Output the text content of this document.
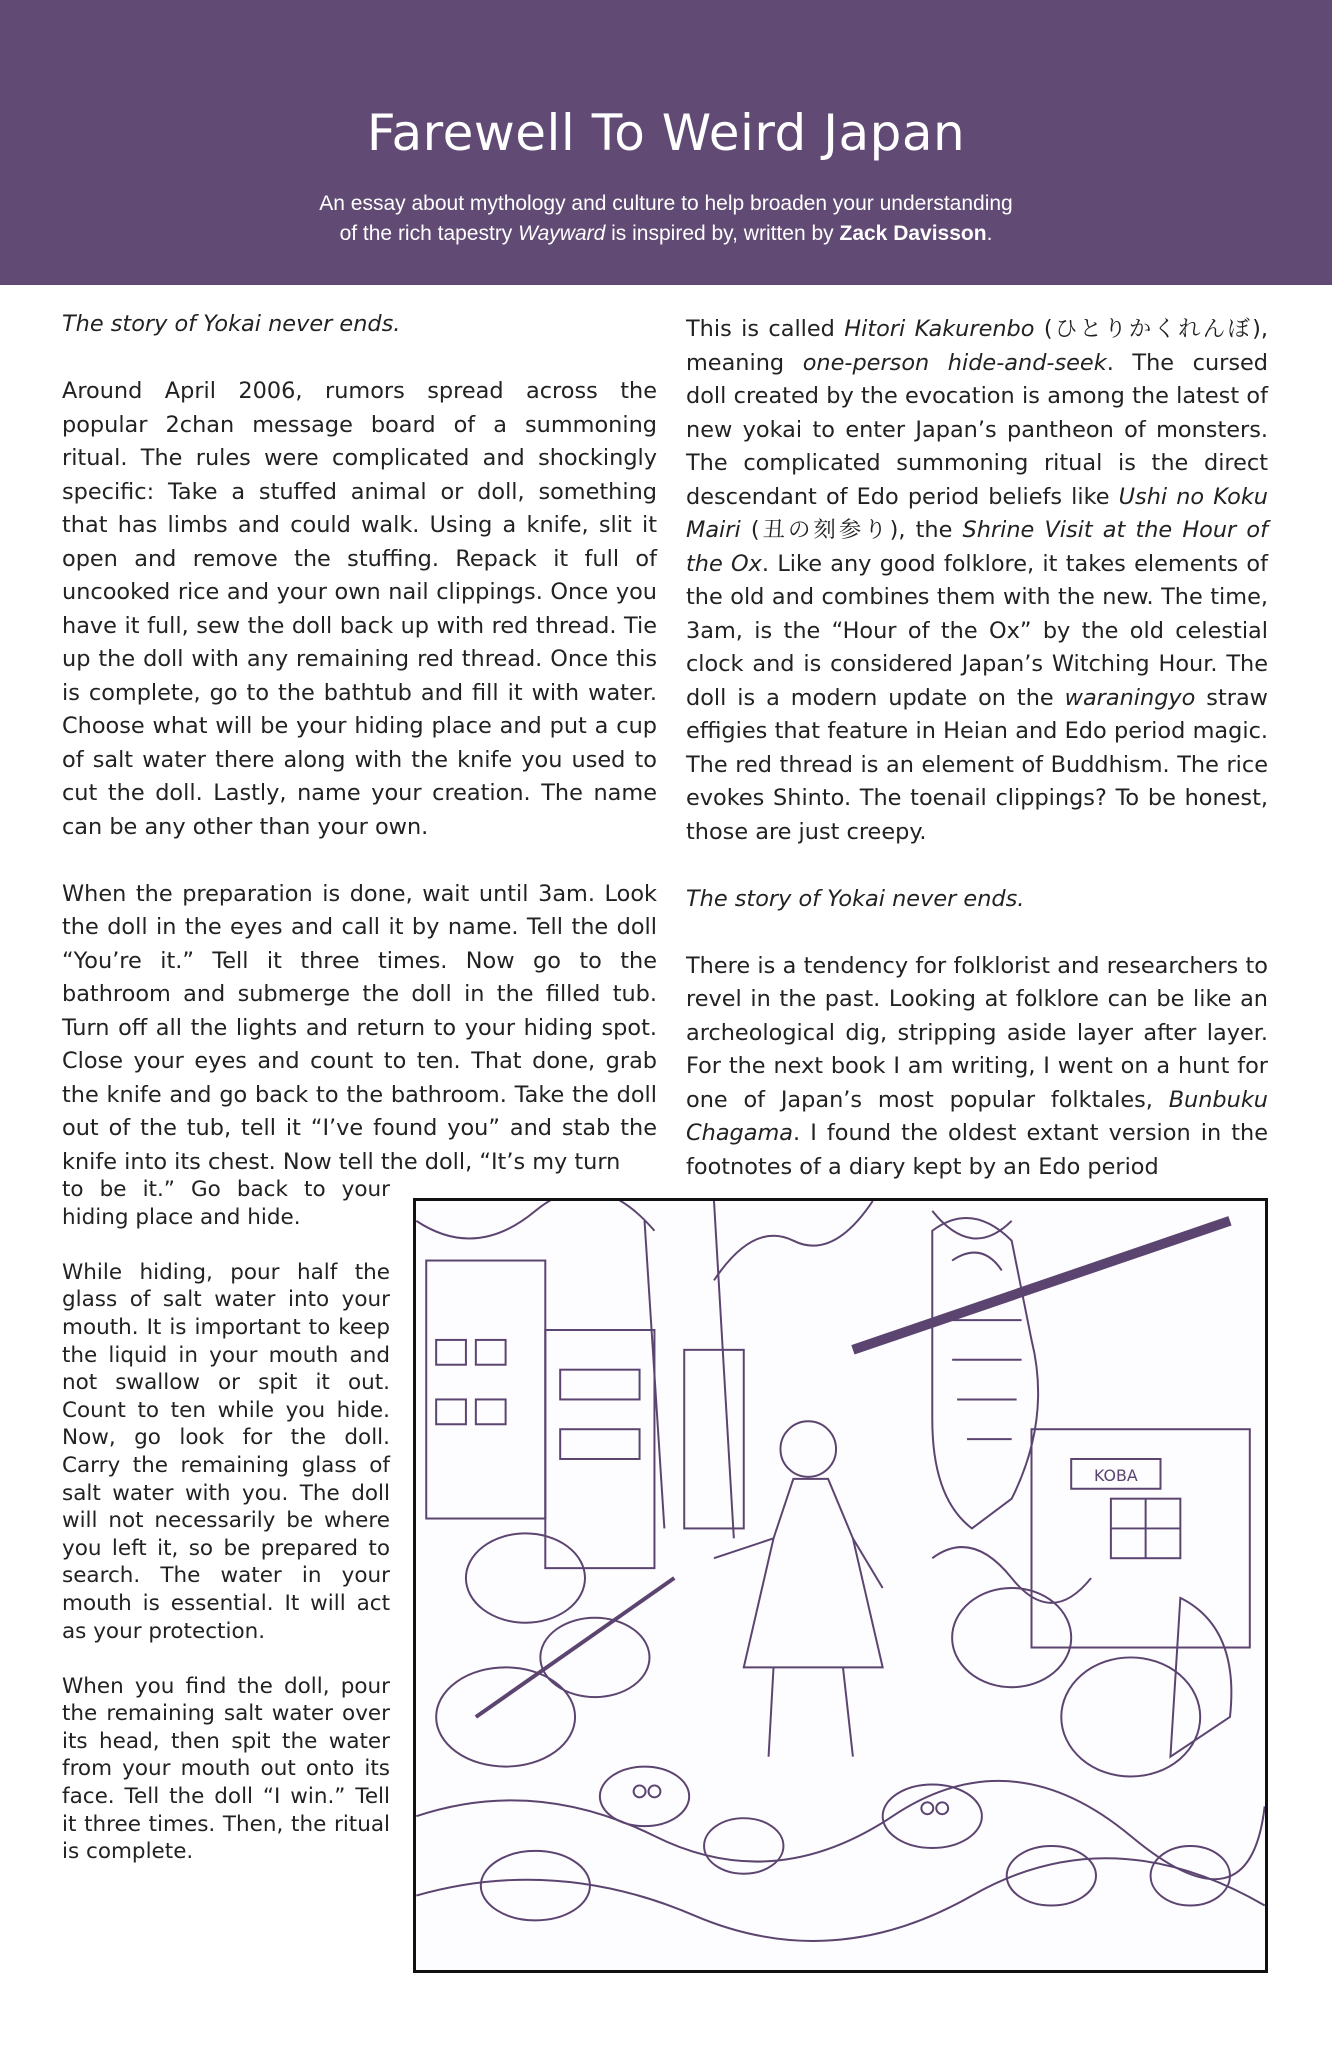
Farewell To Weird Japan
An essay about mythology and culture to help broaden your understanding
of the rich tapestry Wayward is inspired by, written by Zack Davisson.

The story of Yokai never ends.

Around April 2006, rumors spread across the popular 2chan message board of a summoning ritual. The rules were complicated and shockingly specific: Take a stuffed animal or doll, something that has limbs and could walk. Using a knife, slit it open and remove the stuffing. Repack it full of uncooked rice and your own nail clippings. Once you have it full, sew the doll back up with red thread. Tie up the doll with any remaining red thread. Once this is complete, go to the bathtub and fill it with water. Choose what will be your hiding place and put a cup of salt water there along with the knife you used to cut the doll. Lastly, name your creation. The name can be any other than your own.

When the preparation is done, wait until 3am. Look the doll in the eyes and call it by name. Tell the doll “You’re it.” Tell it three times. Now go to the bathroom and submerge the doll in the filled tub. Turn off all the lights and return to your hiding spot. Close your eyes and count to ten. That done, grab the knife and go back to the bathroom. Take the doll out of the tub, tell it “I’ve found you” and stab the knife into its chest. Now tell the doll, “It’s my turn

to be it.” Go back to your hiding place and hide.

While hiding, pour half the glass of salt water into your mouth. It is important to keep the liquid in your mouth and not swallow or spit it out. Count to ten while you hide. Now, go look for the doll. Carry the remaining glass of salt water with you. The doll will not necessarily be where you left it, so be prepared to search. The water in your mouth is essential. It will act as your protection.

When you find the doll, pour the remaining salt water over its head, then spit the water from your mouth out onto its face. Tell the doll “I win.” Tell it three times. Then, the ritual is complete.

This is called Hitori Kakurenbo (ひとりかくれんぼ), meaning one-person hide-and-seek. The cursed doll created by the evocation is among the latest of new yokai to enter Japan’s pantheon of monsters. The complicated summoning ritual is the direct descendant of Edo period beliefs like Ushi no Koku Mairi (丑の刻参り), the Shrine Visit at the Hour of the Ox. Like any good folklore, it takes elements of the old and combines them with the new. The time, 3am, is the “Hour of the Ox” by the old celestial clock and is considered Japan’s Witching Hour. The doll is a modern update on the waraningyo straw effigies that feature in Heian and Edo period magic. The red thread is an element of Buddhism. The rice evokes Shinto. The toenail clippings? To be honest, those are just creepy.

The story of Yokai never ends.

There is a tendency for folklorist and researchers to revel in the past. Looking at folklore can be like an archeological dig, stripping aside layer after layer. For the next book I am writing, I went on a hunt for one of Japan’s most popular folktales, Bunbuku Chagama. I found the oldest extant version in the footnotes of a diary kept by an Edo period

KOBA
